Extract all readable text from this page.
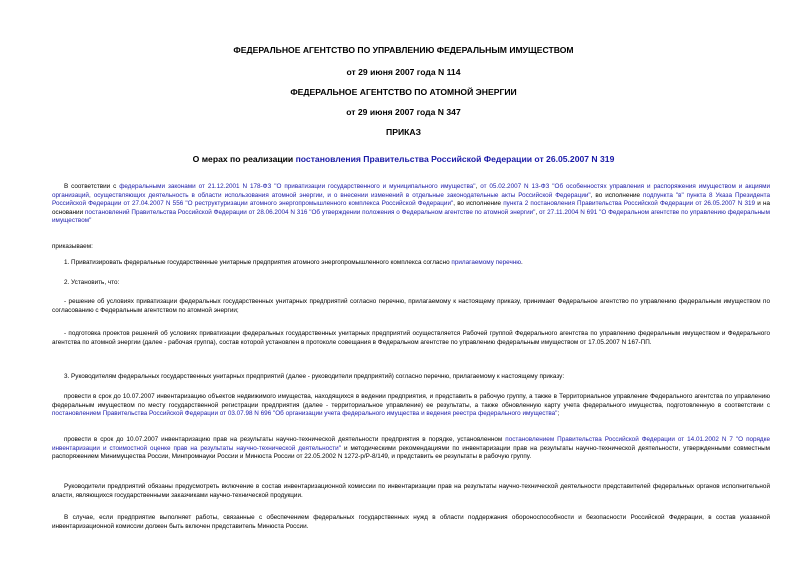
ФЕДЕРАЛЬНОЕ АГЕНТСТВО ПО УПРАВЛЕНИЮ ФЕДЕРАЛЬНЫМ ИМУЩЕСТВОМ
от 29 июня 2007 года N 114
ФЕДЕРАЛЬНОЕ АГЕНТСТВО ПО АТОМНОЙ ЭНЕРГИИ
от 29 июня 2007 года N 347
ПРИКАЗ
О мерах по реализации постановления Правительства Российской Федерации от 26.05.2007 N 319
В соответствии с федеральными законами от 21.12.2001 N 178-ФЗ "О приватизации государственного и муниципального имущества", от 05.02.2007 N 13-ФЗ "Об особенностях управления и распоряжения имуществом и акциями организаций, осуществляющих деятельность в области использования атомной энергии, и о внесении изменений в отдельные законодательные акты Российской Федерации", во исполнение подпункта "в" пункта 8 Указа Президента Российской Федерации от 27.04.2007 N 556 "О реструктуризации атомного энергопромышленного комплекса Российской Федерации", во исполнение пункта 2 постановления Правительства Российской Федерации от 26.05.2007 N 319 и на основании постановлений Правительства Российской Федерации от 28.06.2004 N 316 "Об утверждении положения о Федеральном агентстве по атомной энергии", от 27.11.2004 N 691 "О Федеральном агентстве по управлению федеральным имуществом"
приказываем:
1. Приватизировать федеральные государственные унитарные предприятия атомного энергопромышленного комплекса согласно прилагаемому перечню.
2. Установить, что:
- решение об условиях приватизации федеральных государственных унитарных предприятий согласно перечню, прилагаемому к настоящему приказу, принимает Федеральное агентство по управлению федеральным имуществом по согласованию с Федеральным агентством по атомной энергии;
- подготовка проектов решений об условиях приватизации федеральных государственных унитарных предприятий осуществляется Рабочей группой Федерального агентства по управлению федеральным имуществом и Федерального агентства по атомной энергии (далее - рабочая группа), состав которой установлен в протоколе совещания в Федеральном агентстве по управлению федеральным имуществом от 17.05.2007 N 167-ПП.
3. Руководителям федеральных государственных унитарных предприятий (далее - руководители предприятий) согласно перечню, прилагаемому к настоящему приказу:
провести в срок до 10.07.2007 инвентаризацию объектов недвижимого имущества, находящихся в ведении предприятия, и представить в рабочую группу, а также в Территориальное управление Федерального агентства по управлению федеральным имуществом по месту государственной регистрации предприятия (далее - территориальное управление) ее результаты, а также обновленную карту учета федерального имущества, подготовленную в соответствии с постановлением Правительства Российской Федерации от 03.07.98 N 696 "Об организации учета федерального имущества и ведения реестра федерального имущества";
провести в срок до 10.07.2007 инвентаризацию прав на результаты научно-технической деятельности предприятия в порядке, установленном постановлением Правительства Российской Федерации от 14.01.2002 N 7 "О порядке инвентаризации и стоимостной оценке прав на результаты научно-технической деятельности" и методическими рекомендациями по инвентаризации прав на результаты научно-технической деятельности, утвержденными совместным распоряжением Минимущества России, Минпромнауки России и Минюста России от 22.05.2002 N 1272-р/Р-8/149, и представить ее результаты в рабочую группу.
Руководители предприятий обязаны предусмотреть включение в состав инвентаризационной комиссии по инвентаризации прав на результаты научно-технической деятельности представителей федеральных органов исполнительной власти, являющихся государственными заказчиками научно-технической продукции.
В случае, если предприятие выполняет работы, связанные с обеспечением федеральных государственных нужд в области поддержания обороноспособности и безопасности Российской Федерации, в состав указанной инвентаризационной комиссии должен быть включен представитель Минюста России.
